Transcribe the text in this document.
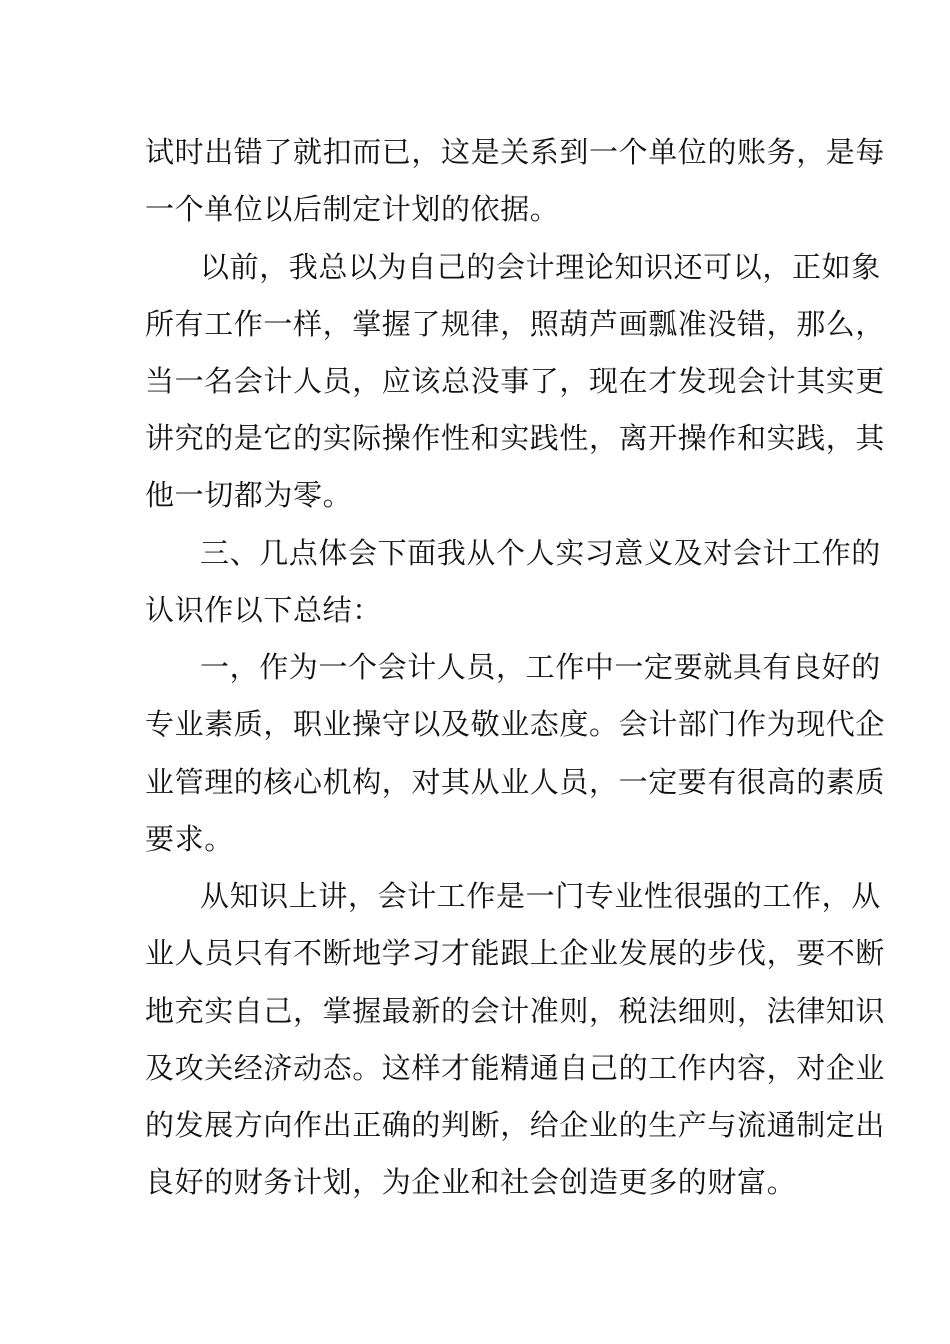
试时出错了就扣而已，这是关系到一个单位的账务，是每
一个单位以后制定计划的依据。
以前，我总以为自己的会计理论知识还可以，正如象
所有工作一样，掌握了规律，照葫芦画瓢准没错，那么，
当一名会计人员，应该总没事了，现在才发现会计其实更
讲究的是它的实际操作性和实践性，离开操作和实践，其
他一切都为零。
三、几点体会下面我从个人实习意义及对会计工作的
认识作以下总结：
一，作为一个会计人员，工作中一定要就具有良好的
专业素质，职业操守以及敬业态度。会计部门作为现代企
业管理的核心机构，对其从业人员，一定要有很高的素质
要求。
从知识上讲，会计工作是一门专业性很强的工作，从
业人员只有不断地学习才能跟上企业发展的步伐，要不断
地充实自己，掌握最新的会计准则，税法细则，法律知识
及攻关经济动态。这样才能精通自己的工作内容，对企业
的发展方向作出正确的判断，给企业的生产与流通制定出
良好的财务计划，为企业和社会创造更多的财富。
